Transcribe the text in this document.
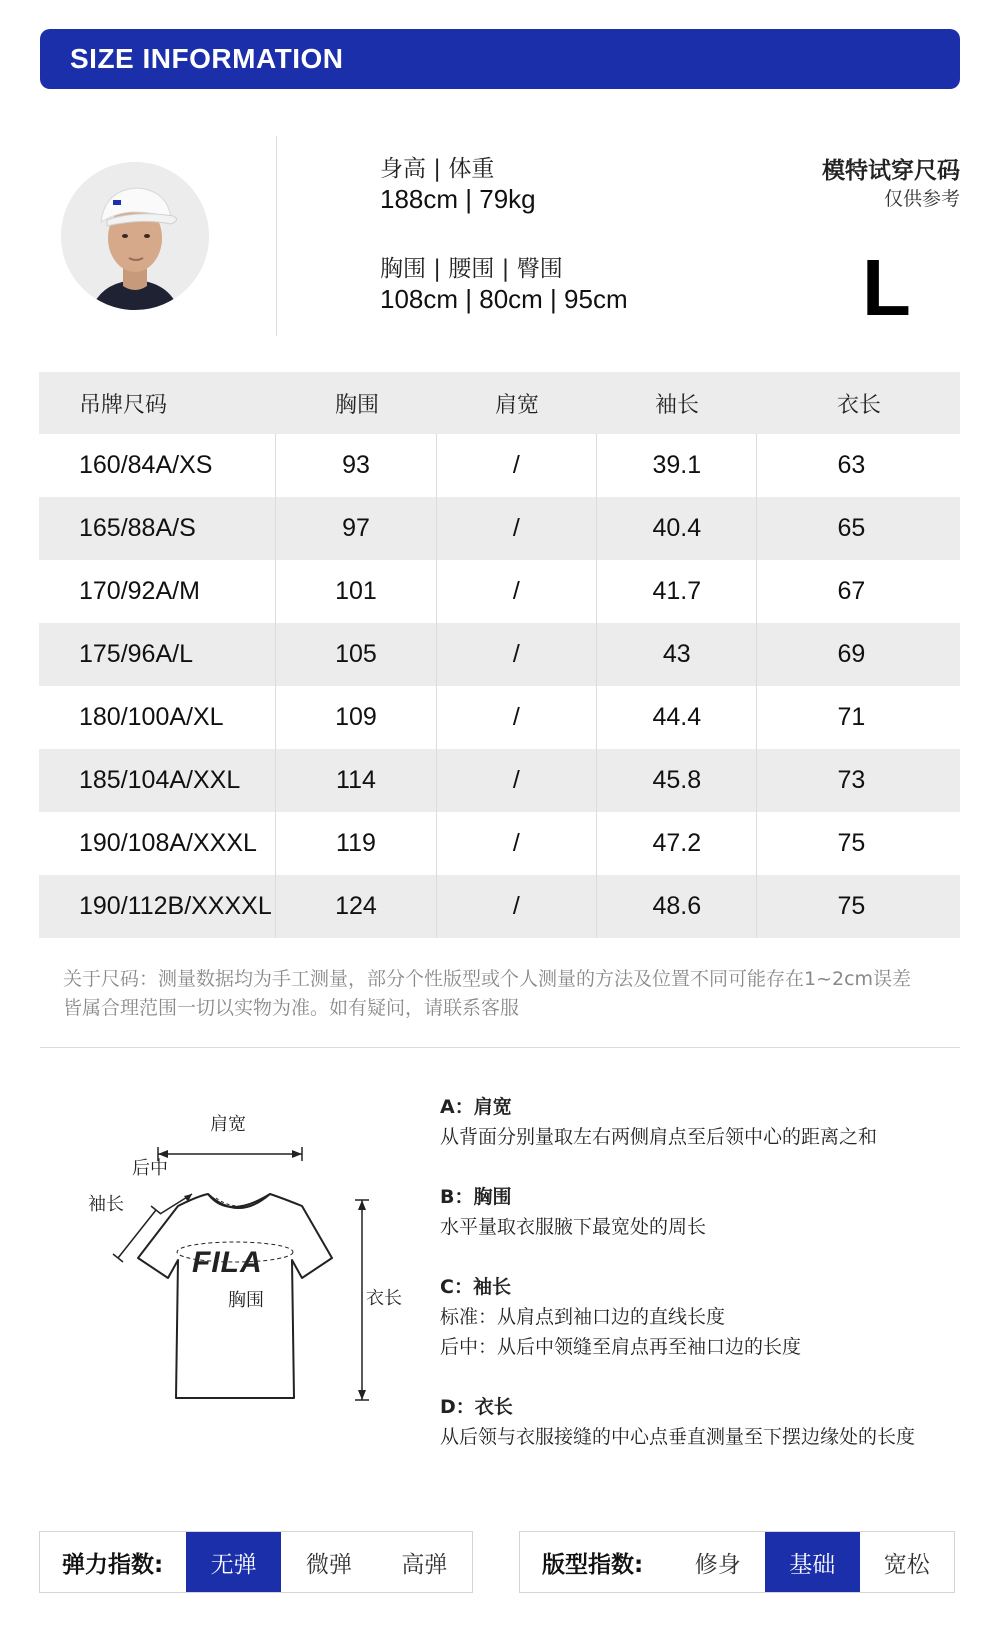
SIZE INFORMATION
身高 | 体重
188cm | 79kg
胸围 | 腰围 | 臀围
108cm | 80cm | 95cm
模特试穿尺码
仅供参考
L
吊牌尺码	胸围	肩宽	袖长	衣长
160/84A/XS	93	/	39.1	63
165/88A/S	97	/	40.4	65
170/92A/M	101	/	41.7	67
175/96A/L	105	/	43	69
180/100A/XL	109	/	44.4	71
185/104A/XXL	114	/	45.8	73
190/108A/XXXL	119	/	47.2	75
190/112B/XXXXL	124	/	48.6	75
关于尺码：测量数据均为手工测量，部分个性版型或个人测量的方法及位置不同可能存在1~2cm误差
皆属合理范围一切以实物为准。如有疑问，请联系客服
肩宽
后中
袖长
FILA
胸围	衣长
A：肩宽
从背面分别量取左右两侧肩点至后领中心的距离之和
B：胸围
水平量取衣服腋下最宽处的周长
C：袖长
标准：从肩点到袖口边的直线长度
后中：从后中领缝至肩点再至袖口边的长度
D：衣长
从后领与衣服接缝的中心点垂直测量至下摆边缘处的长度
弹力指数:	无弹	微弹	高弹	版型指数:	修身	基础	宽松
